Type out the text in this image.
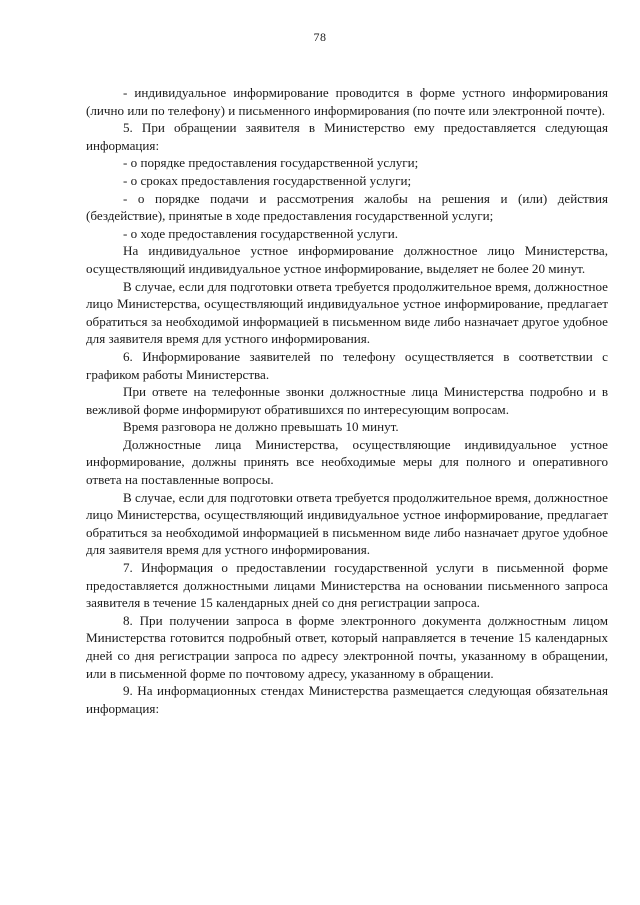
78

- индивидуальное информирование проводится в форме устного информирования (лично или по телефону) и письменного информирования (по почте или электронной почте).

5. При обращении заявителя в Министерство ему предоставляется следующая информация:

- о порядке предоставления государственной услуги;

- о сроках предоставления государственной услуги;

- о порядке подачи и рассмотрения жалобы на решения и (или) действия (бездействие), принятые в ходе предоставления государственной услуги;

- о ходе предоставления государственной услуги.

На индивидуальное устное информирование должностное лицо Министерства, осуществляющий индивидуальное устное информирование, выделяет не более 20 минут.

В случае, если для подготовки ответа требуется продолжительное время, должностное лицо Министерства, осуществляющий индивидуальное устное информирование, предлагает обратиться за необходимой информацией в письменном виде либо назначает другое удобное для заявителя время для устного информирования.

6. Информирование заявителей по телефону осуществляется в соответствии с графиком работы Министерства.

При ответе на телефонные звонки должностные лица Министерства подробно и в вежливой форме информируют обратившихся по интересующим вопросам.

Время разговора не должно превышать 10 минут.

Должностные лица Министерства, осуществляющие индивидуальное устное информирование, должны принять все необходимые меры для полного и оперативного ответа на поставленные вопросы.

В случае, если для подготовки ответа требуется продолжительное время, должностное лицо Министерства, осуществляющий индивидуальное устное информирование, предлагает обратиться за необходимой информацией в письменном виде либо назначает другое удобное для заявителя время для устного информирования.

7. Информация о предоставлении государственной услуги в письменной форме предоставляется должностными лицами Министерства на основании письменного запроса заявителя в течение 15 календарных дней со дня регистрации запроса.

8. При получении запроса в форме электронного документа должностным лицом Министерства готовится подробный ответ, который направляется в течение 15 календарных дней со дня регистрации запроса по адресу электронной почты, указанному в обращении, или в письменной форме по почтовому адресу, указанному в обращении.

9. На информационных стендах Министерства размещается следующая обязательная информация:
